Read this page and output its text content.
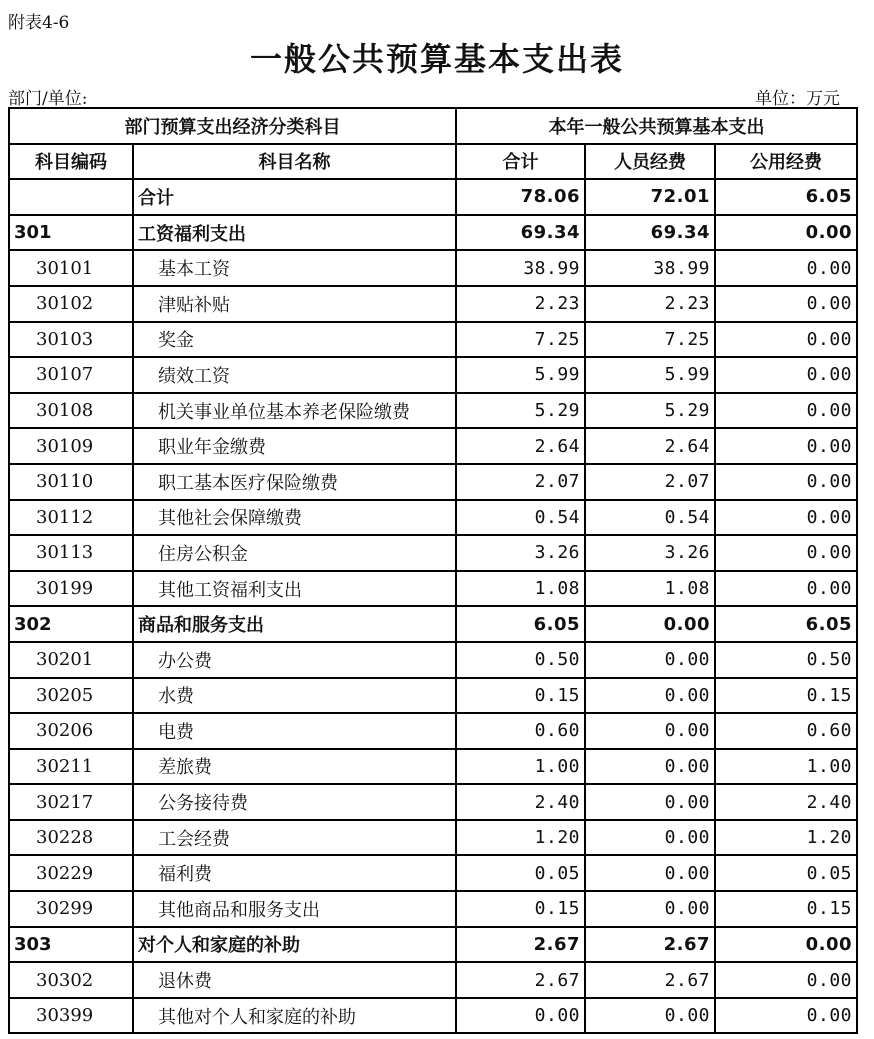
附表4-6
一般公共预算基本支出表
部门/单位:	单位：万元
部门预算支出经济分类科目		本年一般公共预算基本支出		
科目编码	科目名称	合计	人员经费	公用经费
	合计	78.06	72.01	6.05
301	工资福利支出	69.34	69.34	0.00
30101	基本工资	38.99	38.99	0.00
30102	津贴补贴	2.23	2.23	0.00
30103	奖金	7.25	7.25	0.00
30107	绩效工资	5.99	5.99	0.00
30108	机关事业单位基本养老保险缴费	5.29	5.29	0.00
30109	职业年金缴费	2.64	2.64	0.00
30110	职工基本医疗保险缴费	2.07	2.07	0.00
30112	其他社会保障缴费	0.54	0.54	0.00
30113	住房公积金	3.26	3.26	0.00
30199	其他工资福利支出	1.08	1.08	0.00
302	商品和服务支出	6.05	0.00	6.05
30201	办公费	0.50	0.00	0.50
30205	水费	0.15	0.00	0.15
30206	电费	0.60	0.00	0.60
30211	差旅费	1.00	0.00	1.00
30217	公务接待费	2.40	0.00	2.40
30228	工会经费	1.20	0.00	1.20
30229	福利费	0.05	0.00	0.05
30299	其他商品和服务支出	0.15	0.00	0.15
303	对个人和家庭的补助	2.67	2.67	0.00
30302	退休费	2.67	2.67	0.00
30399	其他对个人和家庭的补助	0.00	0.00	0.00
